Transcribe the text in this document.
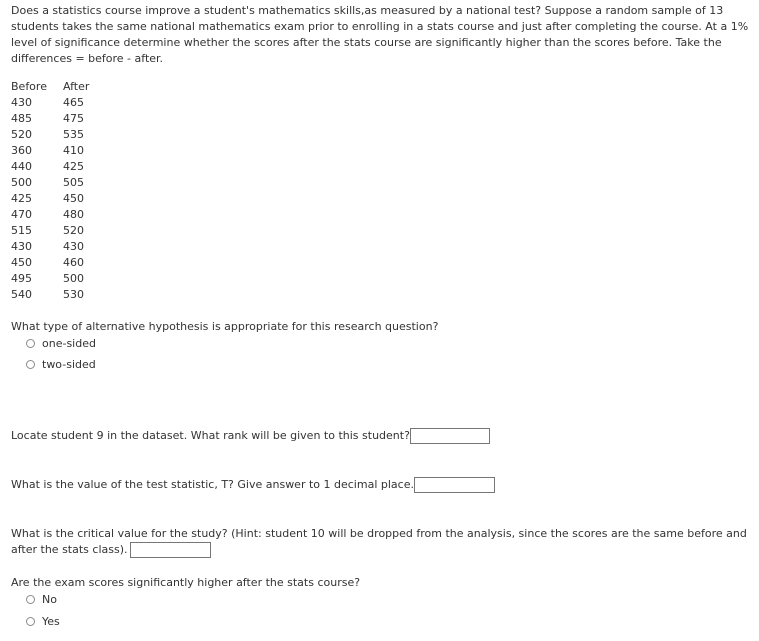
Does a statistics course improve a student's mathematics skills,as measured by a national test? Suppose a random sample of 13
students takes the same national mathematics exam prior to enrolling in a stats course and just after completing the course. At a 1%
level of significance determine whether the scores after the stats course are significantly higher than the scores before. Take the
differences = before - after.
Before	After
430	465
485	475
520	535
360	410
440	425
500	505
425	450
470	480
515	520
430	430
450	460
495	500
540	530
What type of alternative hypothesis is appropriate for this research question?
one-sided
two-sided
Locate student 9 in the dataset. What rank will be given to this student?
What is the value of the test statistic, T? Give answer to 1 decimal place.
What is the critical value for the study? (Hint: student 10 will be dropped from the analysis, since the scores are the same before and
after the stats class).
Are the exam scores significantly higher after the stats course?
No
Yes
